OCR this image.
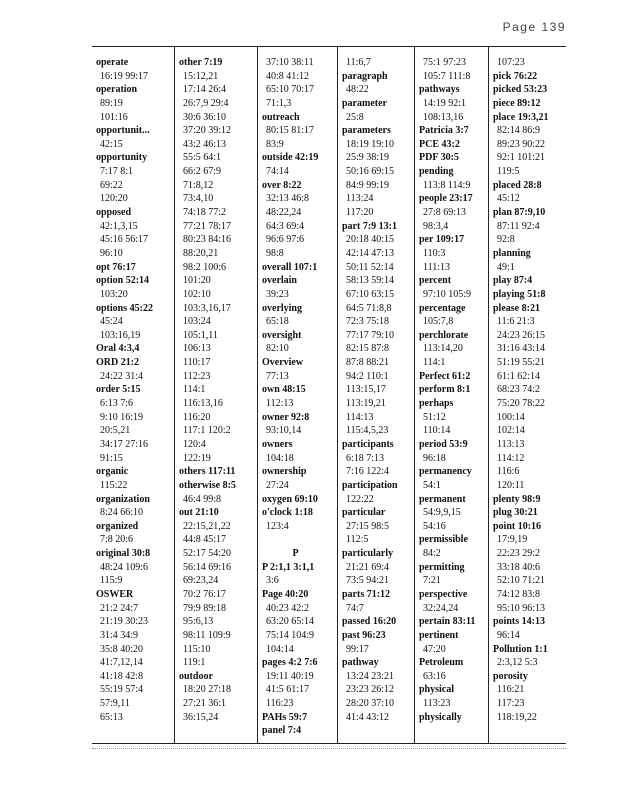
Page 139
operate
16:19 99:17
operation
89:19
101:16
opportunit...
42:15
opportunity
7:17 8:1
69:22
120:20
opposed
42:1,3,15
45:16 56:17
96:10
opt 76:17
option 52:14
103:20
options 45:22
45:24
103:16,19
Oral 4:3,4
ORD 21:2
24:22 31:4
order 5:15
6:13 7:6
9:10 16:19
20:5,21
34:17 27:16
91:15
organic
115:22
organization
8:24 66:10
organized
7:8 20:6
original 30:8
48:24 109:6
115:9
OSWER
21:2 24:7
21:19 30:23
31:4 34:9
35:8 40:20
41:7,12,14
41:18 42:8
55:19 57:4
57:9,11
65:13
other 7:19
15:12,21
17:14 26:4
26:7,9 29:4
30:6 36:10
37:20 39:12
43:2 46:13
55:5 64:1
66:2 67:9
71:8,12
73:4,10
74:18 77:2
77:21 78:17
80:23 84:16
88:20,21
98:2 100:6
101:20
102:10
103:3,16,17
103:24
105:1,11
106:13
110:17
112:23
114:1
116:13,16
116:20
117:1 120:2
120:4
122:19
others 117:11
otherwise 8:5
46:4 99:8
out 21:10
22:15,21,22
44:8 45:17
52:17 54:20
56:14 69:16
69:23,24
70:2 76:17
79:9 89:18
95:6,13
98:11 109:9
115:10
119:1
outdoor
18:20 27:18
27:21 36:1
36:15,24
37:10 38:11
40:8 41:12
65:10 70:17
71:1,3
outreach
80:15 81:17
83:9
outside 42:19
74:14
over 8:22
32:13 46:8
48:22,24
64:3 69:4
96:6 97:6
98:8
overall 107:1
overlain
39:23
overlying
65:18
oversight
82:10
Overview
77:13
own 48:15
112:13
owner 92:8
93:10,14
owners
104:18
ownership
27:24
oxygen 69:10
o'clock 1:18
123:4
P
P 2:1,1 3:1,1
3:6
Page 40:20
40:23 42:2
63:20 65:14
75:14 104:9
104:14
pages 4:2 7:6
19:11 40:19
41:5 61:17
116:23
PAHs 59:7
panel 7:4
11:6,7
paragraph
48:22
parameter
25:8
parameters
18:19 19:10
25:9 38:19
50:16 69:15
84:9 99:19
113:24
117:20
part 7:9 13:1
20:18 40:15
42:14 47:13
50:11 52:14
58:13 59:14
67:10 63:15
64:5 71:8,8
72:3 75:18
77:17 79:10
82:15 87:8
87:8 88:21
94:2 110:1
113:15,17
113:19,21
114:13
115:4,5,23
participants
6:18 7:13
7:16 122:4
participation
122:22
particular
27:15 98:5
112:5
particularly
21:21 69:4
73:5 94:21
parts 71:12
74:7
passed 16:20
past 96:23
99:17
pathway
13:24 23:21
23:23 26:12
28:20 37:10
41:4 43:12
75:1 97:23
105:7 111:8
pathways
14:19 92:1
108:13,16
Patricia 3:7
PCE 43:2
PDF 30:5
pending
113:8 114:9
people 23:17
27:8 69:13
98:3,4
per 109:17
110:3
111:13
percent
97:10 105:9
percentage
105:7,8
perchlorate
113:14,20
114:1
Perfect 61:2
perform 8:1
perhaps
51:12
110:14
period 53:9
96:18
permanency
54:1
permanent
54:9,9,15
54:16
permissible
84:2
permitting
7:21
perspective
32:24,24
pertain 83:11
pertinent
47:20
Petroleum
63:16
physical
113:23
physically
107:23
pick 76:22
picked 53:23
piece 89:12
place 19:3,21
82:14 86:9
89:23 90:22
92:1 101:21
119:5
placed 28:8
45:12
plan 87:9,10
87:11 92:4
92:8
planning
49:1
play 87:4
playing 51:8
please 8:21
11:6 21:3
24:23 26:15
31:16 43:14
51:19 55:21
61:1 62:14
68:23 74:2
75:20 78:22
100:14
102:14
113:13
114:12
116:6
120:11
plenty 98:9
plug 30:21
point 10:16
17:9,19
22:23 29:2
33:18 40:6
52:10 71:21
74:12 83:8
95:10 96:13
points 14:13
96:14
Pollution 1:1
2:3,12 5:3
porosity
116:21
117:23
118:19,22
